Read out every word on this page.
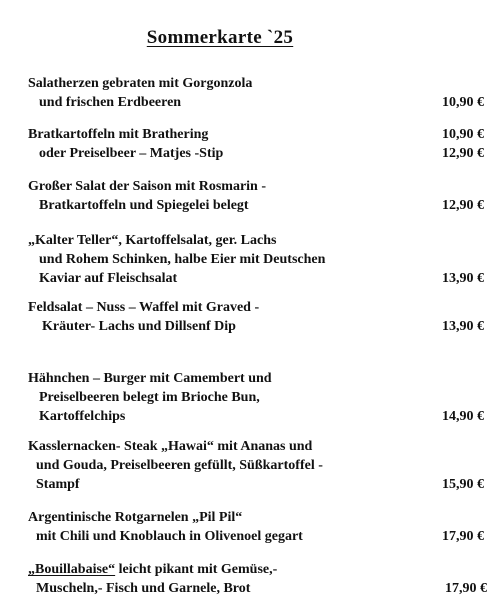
Sommerkarte `25
Salatherzen gebraten mit Gorgonzola
und frischen Erdbeeren	10,90 €
Bratkartoffeln mit Brathering	10,90 €
oder Preiselbeer – Matjes -Stip	12,90 €
Großer Salat der Saison mit Rosmarin -
Bratkartoffeln und Spiegelei belegt	12,90 €
„Kalter Teller“, Kartoffelsalat, ger. Lachs
und Rohem Schinken, halbe Eier mit Deutschen
Kaviar auf Fleischsalat	13,90 €
Feldsalat – Nuss – Waffel mit Graved -
Kräuter- Lachs und Dillsenf Dip	13,90 €
Hähnchen – Burger mit Camembert und
Preiselbeeren belegt im Brioche Bun,
Kartoffelchips	14,90 €
Kasslernacken- Steak „Hawai“ mit Ananas und
und Gouda, Preiselbeeren gefüllt, Süßkartoffel -
Stampf	15,90 €
Argentinische Rotgarnelen „Pil Pil“
mit Chili und Knoblauch in Olivenoel gegart	17,90 €
„Bouillabaise“ leicht pikant mit Gemüse,-
Muscheln,- Fisch und Garnele, Brot	17,90 €
